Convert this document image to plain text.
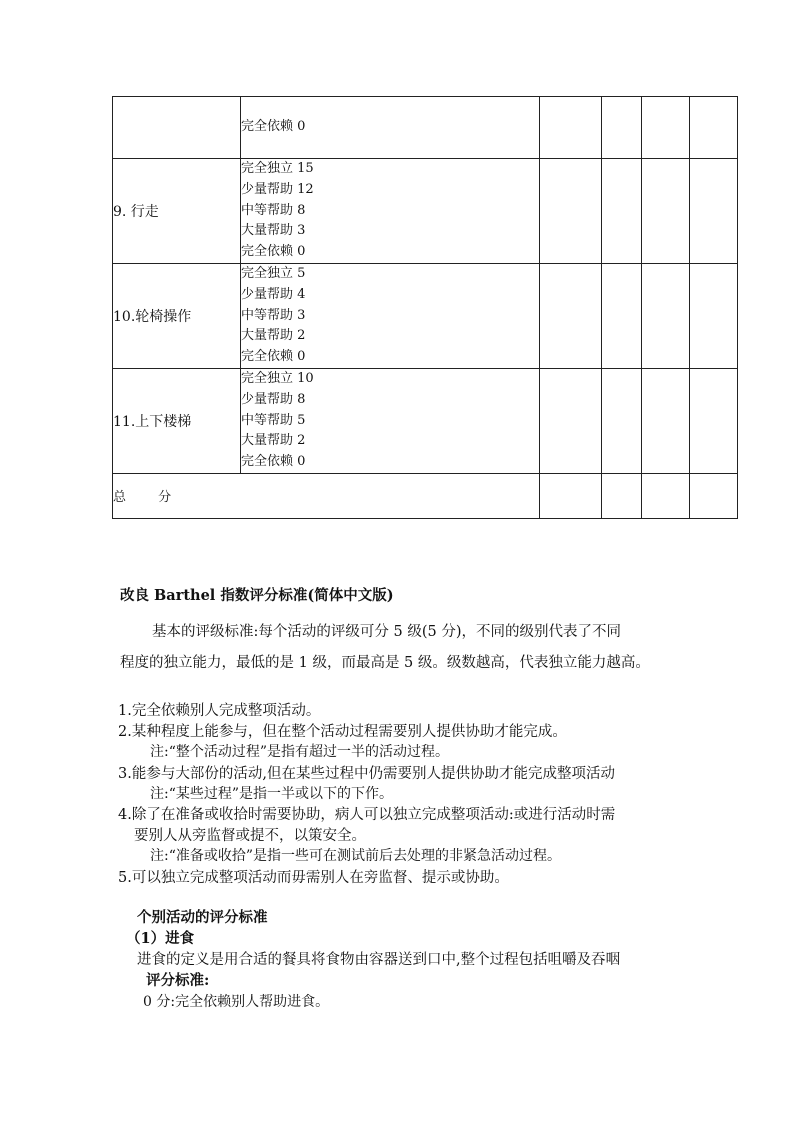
	完全依赖 0				

9. 行走	完全独立 15
少量帮助 12
中等帮助 8
大量帮助 3
完全依赖 0				

10.轮椅操作	完全独立 5
少量帮助 4
中等帮助 3
大量帮助 2
完全依赖 0				

11.上下楼梯	完全独立 10
少量帮助 8
中等帮助 5
大量帮助 2
完全依赖 0				

总 分					
改良 Barthel 指数评分标准(简体中文版)
基本的评级标准:每个活动的评级可分 5 级(5 分)，不同的级别代表了不同
程度的独立能力，最低的是 1 级，而最高是 5 级。级数越高，代表独立能力越高。
1.完全依赖别人完成整项活动。
2.某种程度上能参与，但在整个活动过程需要别人提供协助才能完成。
注:“整个活动过程”是指有超过一半的活动过程。
3.能参与大部份的活动,但在某些过程中仍需要别人提供协助才能完成整项活动
注:“某些过程”是指一半或以下的下作。
4.除了在准备或收拾时需要协助，病人可以独立完成整项活动:或进行活动时需
要别人从旁监督或提不，以策安全。
注:“准备或收拾”是指一些可在测试前后去处理的非紧急活动过程。
5.可以独立完成整项活动而毋需别人在旁监督、提示或协助。
个别活动的评分标准
（1）进食
进食的定义是用合适的餐具将食物由容器送到口中,整个过程包括咀嚼及吞咽
评分标准:
0 分:完全依赖别人帮助进食。
